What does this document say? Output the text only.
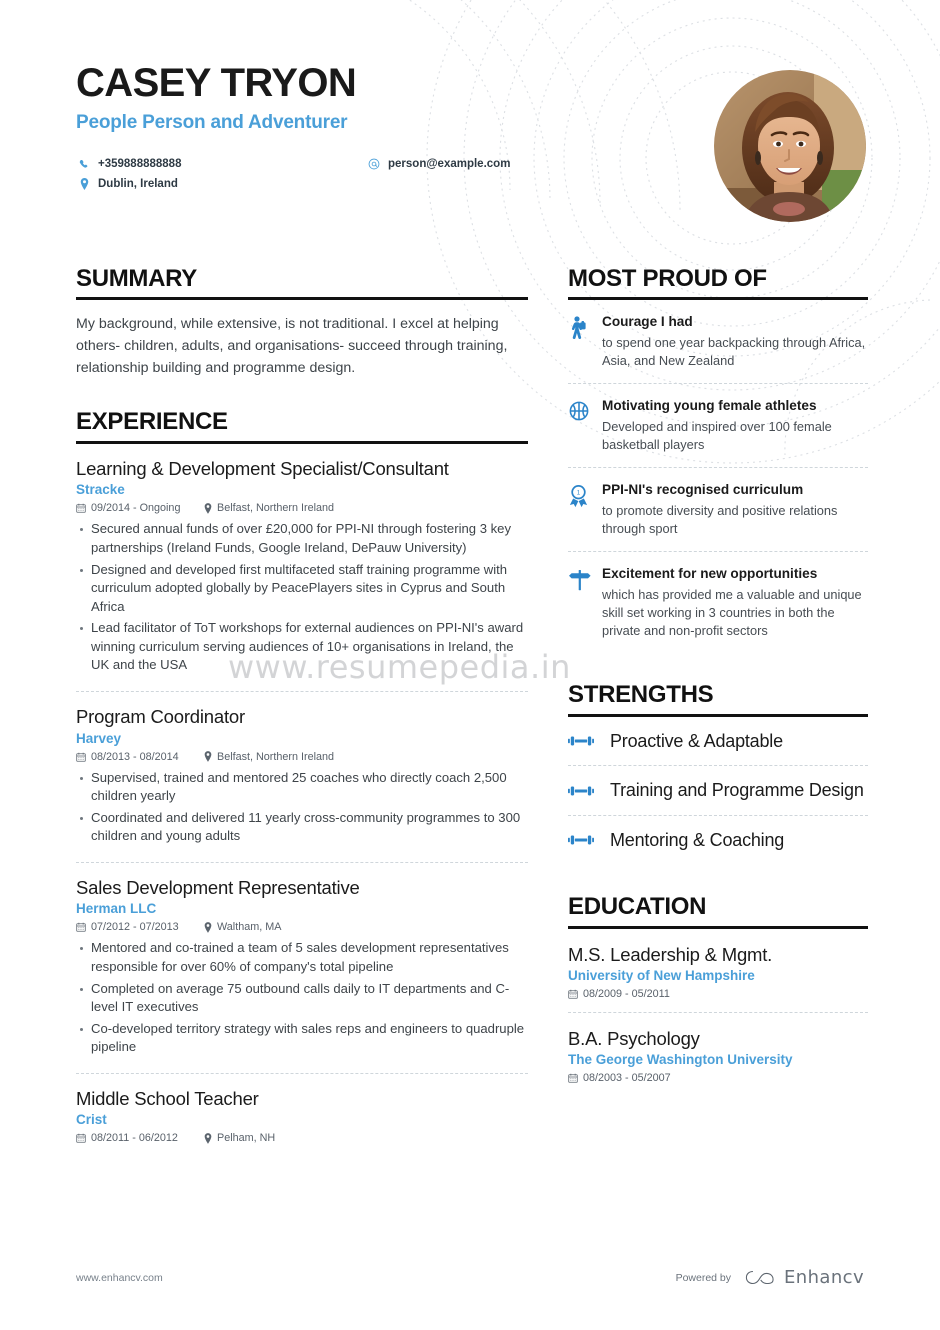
CASEY TRYON
People Person and Adventurer
+359888888888	person@example.com
Dublin, Ireland
SUMMARY
My background, while extensive, is not traditional. I excel at helping others- children, adults, and organisations- succeed through training, relationship building and programme design.
EXPERIENCE
Learning & Development Specialist/Consultant
Stracke
09/2014 - Ongoing	Belfast, Northern Ireland
Secured annual funds of over £20,000 for PPI-NI through fostering 3 key partnerships (Ireland Funds, Google Ireland, DePauw University)
Designed and developed first multifaceted staff training programme with curriculum adopted globally by PeacePlayers sites in Cyprus and South Africa
Lead facilitator of ToT workshops for external audiences on PPI-NI's award winning curriculum serving audiences of 10+ organisations in Ireland, the UK and the USA
Program Coordinator
Harvey
08/2013 - 08/2014	Belfast, Northern Ireland
Supervised, trained and mentored 25 coaches who directly coach 2,500 children yearly
Coordinated and delivered 11 yearly cross-community programmes to 300 children and young adults
Sales Development Representative
Herman LLC
07/2012 - 07/2013	Waltham, MA
Mentored and co-trained a team of 5 sales development representatives responsible for over 60% of company's total pipeline
Completed on average 75 outbound calls daily to IT departments and C-level IT executives
Co-developed territory strategy with sales reps and engineers to quadruple pipeline
Middle School Teacher
Crist
08/2011 - 06/2012	Pelham, NH
MOST PROUD OF
Courage I had
to spend one year backpacking through Africa, Asia, and New Zealand
Motivating young female athletes
Developed and inspired over 100 female basketball players
1 PPI-NI's recognised curriculum
to promote diversity and positive relations through sport
Excitement for new opportunities
which has provided me a valuable and unique skill set working in 3 countries in both the private and non-profit sectors
STRENGTHS
Proactive & Adaptable
Training and Programme Design
Mentoring & Coaching
EDUCATION
M.S. Leadership & Mgmt.
University of New Hampshire
08/2009 - 05/2011
B.A. Psychology
The George Washington University
08/2003 - 05/2007
www.resumepedia.in
www.enhancv.com	Powered by	Enhancv
